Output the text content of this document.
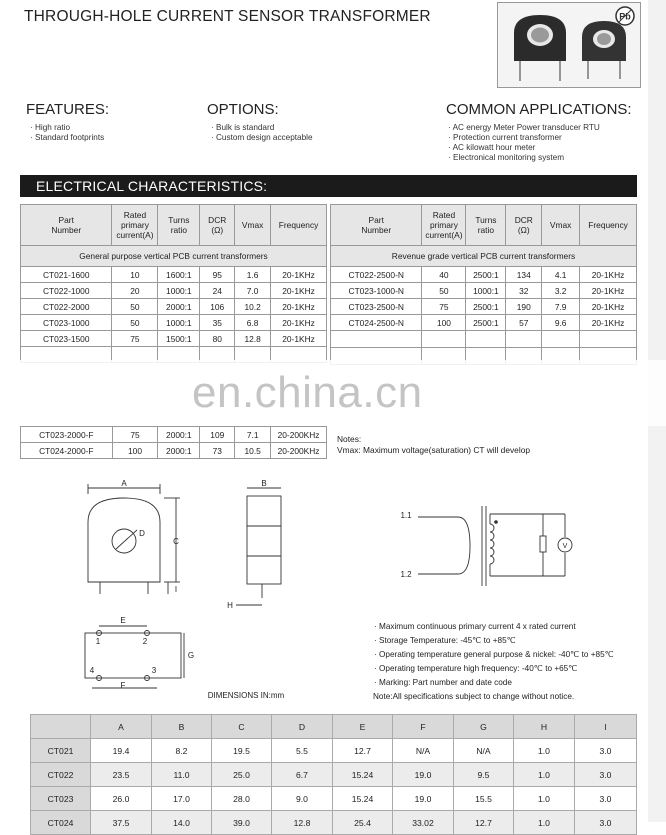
THROUGH-HOLE CURRENT SENSOR TRANSFORMER	Pb
FEATURES:
· High ratio
· Standard footprints
OPTIONS:
· Bulk is standard
· Custom design acceptable
COMMON APPLICATIONS:
· AC energy Meter Power transducer RTU
· Protection current transformer
· AC kilowatt hour meter
· Electronical monitoring system
ELECTRICAL CHARACTERISTICS:
Part
Number	Rated
primary
current(A)	Turns
ratio	DCR
(Ω)	Vmax	Frequency
General purpose vertical PCB current transformers					
CT021-1600	10	1600:1	95	1.6	20-1KHz
CT022-1000	20	1000:1	24	7.0	20-1KHz
CT022-2000	50	2000:1	106	10.2	20-1KHz
CT023-1000	50	1000:1	35	6.8	20-1KHz
CT023-1500	75	1500:1	80	12.8	20-1KHz

Part
Number	Rated
primary
current(A)	Turns
ratio	DCR
(Ω)	Vmax	Frequency
Revenue grade vertical PCB current transformers					
CT022-2500-N	40	2500:1	134	4.1	20-1KHz
CT023-1000-N	50	1000:1	32	3.2	20-1KHz
CT023-2500-N	75	2500:1	190	7.9	20-1KHz
CT024-2500-N	100	2500:1	57	9.6	20-1KHz

CT023-2000-F	75	2000:1	109	7.1	20-200KHz
CT024-2000-F	100	2000:1	73	10.5	20-200KHz
en.china.cn
Notes:
Vmax: Maximum voltage(saturation) CT will develop
A
D
C
I
B
H
E
F
G
1	2
3
4
1.1
1.2
V
DIMENSIONS IN:mm
· Maximum continuous primary current 4 x rated current
· Storage Temperature: -45℃ to +85℃
· Operating temperature general purpose & nickel: -40℃ to +85℃
· Operating temperature high frequency: -40℃ to +65℃
· Marking: Part number and date code
Note:All specifications subject to change without notice.
	A	B	C	D	E	F	G	H	I
CT021	19.4	8.2	19.5	5.5	12.7	N/A	N/A	1.0	3.0
CT022	23.5	11.0	25.0	6.7	15.24	19.0	9.5	1.0	3.0
CT023	26.0	17.0	28.0	9.0	15.24	19.0	15.5	1.0	3.0
CT024	37.5	14.0	39.0	12.8	25.4	33.02	12.7	1.0	3.0
